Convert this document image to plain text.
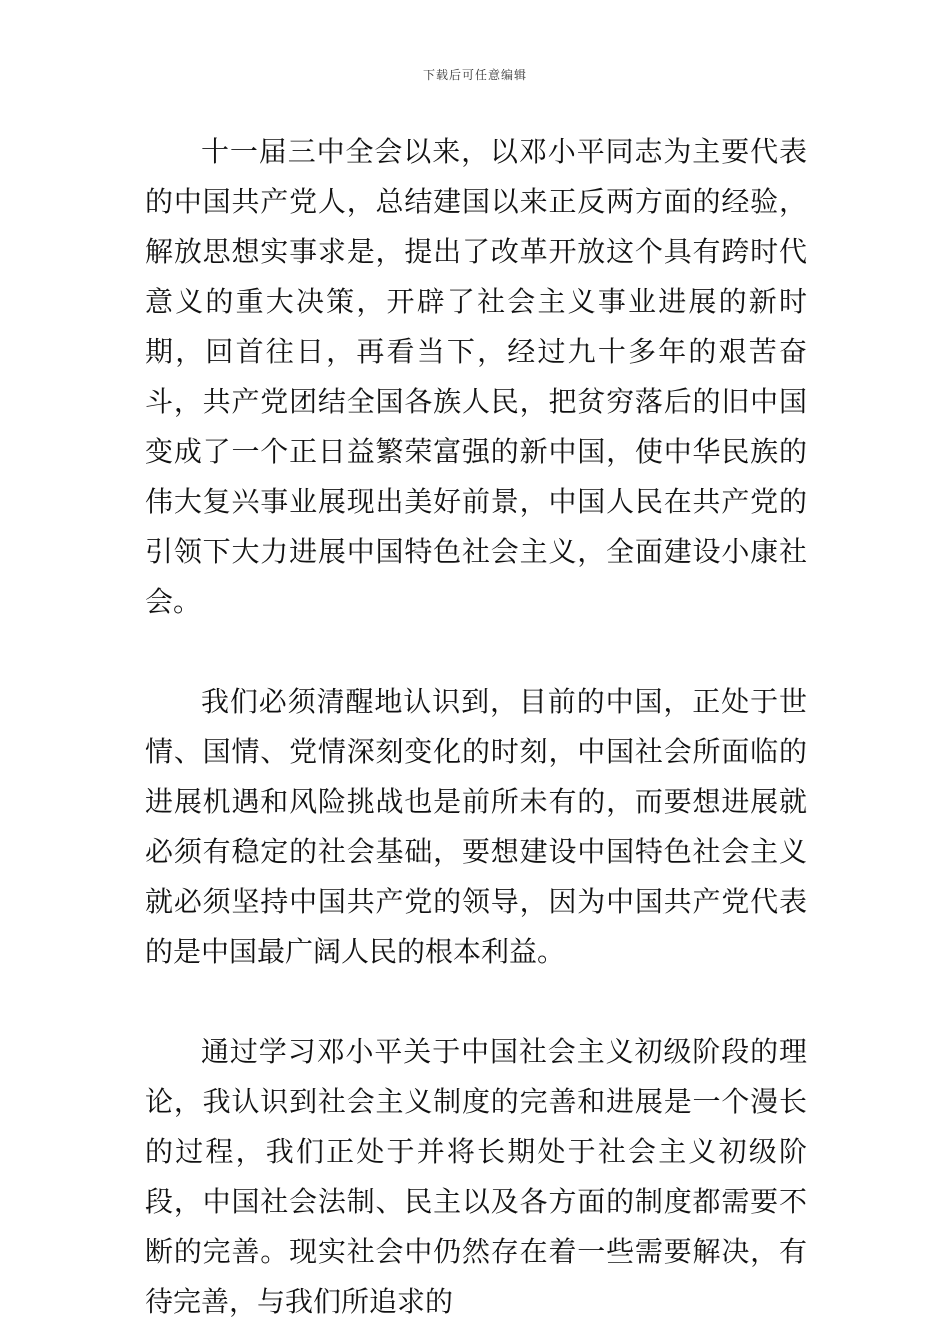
下载后可任意编辑

十一届三中全会以来，以邓小平同志为主要代表的中国共产党人，总结建国以来正反两方面的经验，解放思想实事求是，提出了改革开放这个具有跨时代意义的重大决策，开辟了社会主义事业进展的新时期，回首往日，再看当下，经过九十多年的艰苦奋斗，共产党团结全国各族人民，把贫穷落后的旧中国变成了一个正日益繁荣富强的新中国，使中华民族的伟大复兴事业展现出美好前景，中国人民在共产党的引领下大力进展中国特色社会主义，全面建设小康社会。

我们必须清醒地认识到，目前的中国，正处于世情、国情、党情深刻变化的时刻，中国社会所面临的进展机遇和风险挑战也是前所未有的，而要想进展就必须有稳定的社会基础，要想建设中国特色社会主义就必须坚持中国共产党的领导，因为中国共产党代表的是中国最广阔人民的根本利益。

通过学习邓小平关于中国社会主义初级阶段的理论，我认识到社会主义制度的完善和进展是一个漫长的过程，我们正处于并将长期处于社会主义初级阶段，中国社会法制、民主以及各方面的制度都需要不断的完善。现实社会中仍然存在着一些需要解决，有待完善，与我们所追求的
